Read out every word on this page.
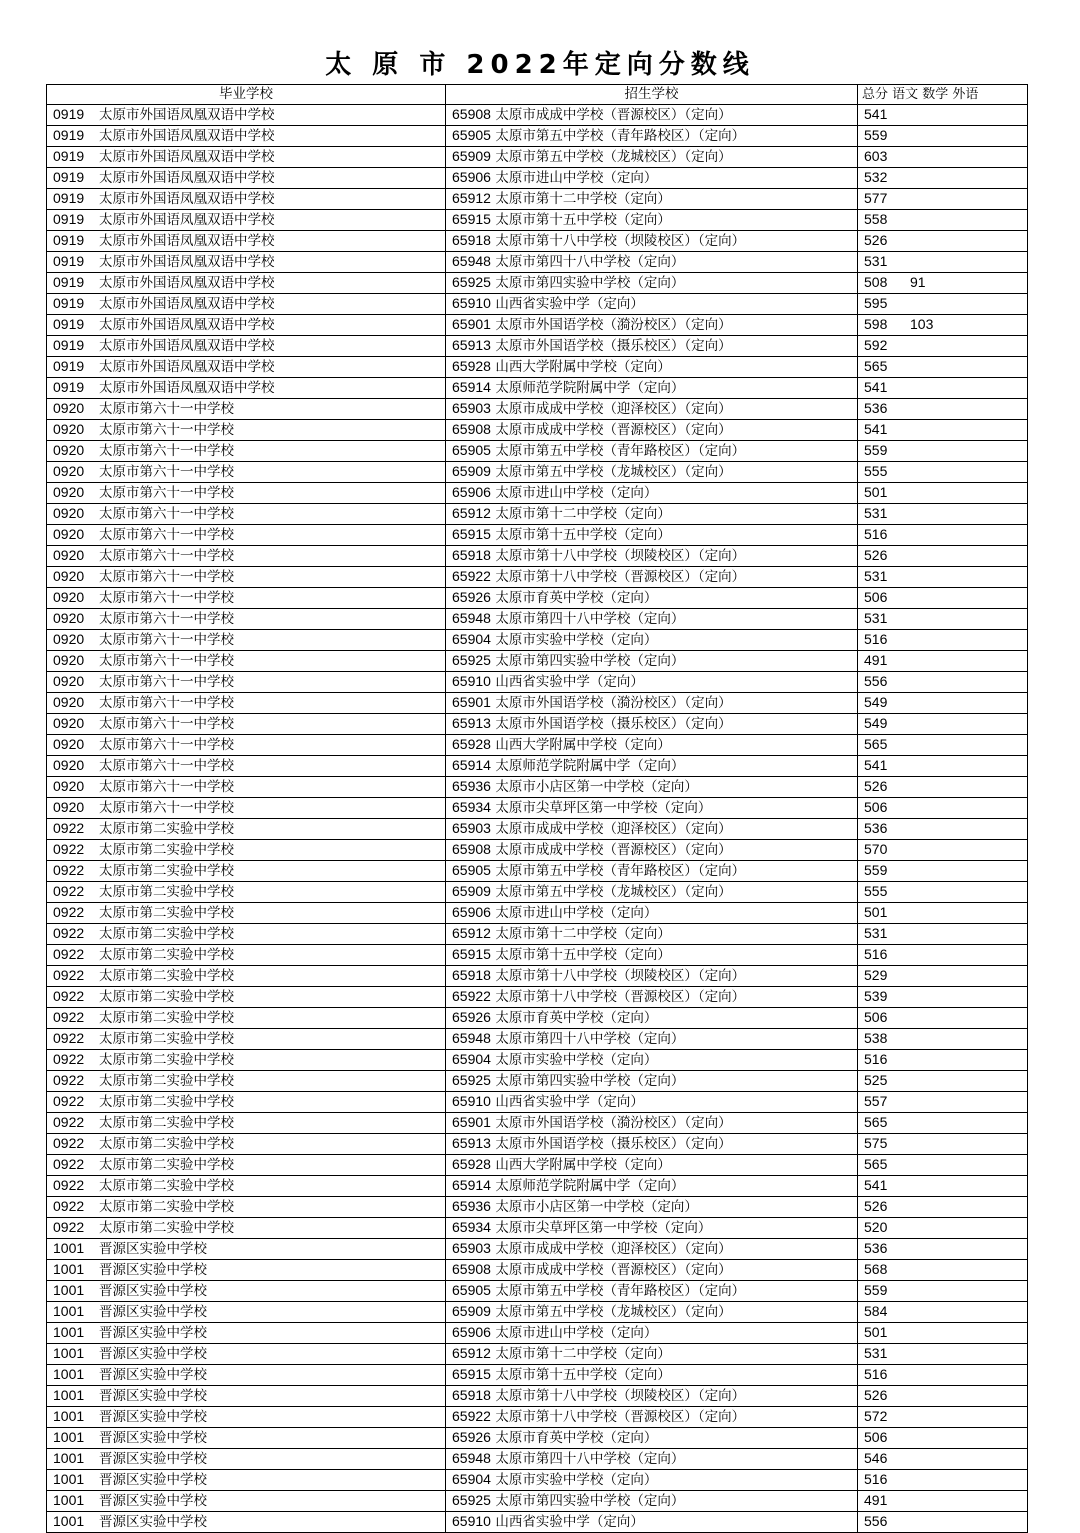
太 原 市 2022年定向分数线
毕业学校	招生学校	总分 语文 数学 外语
0919 太原市外国语凤凰双语中学校	65908 太原市成成中学校（晋源校区）（定向）	541
0919 太原市外国语凤凰双语中学校	65905 太原市第五中学校（青年路校区）（定向）	559
0919 太原市外国语凤凰双语中学校	65909 太原市第五中学校（龙城校区）（定向）	603
0919 太原市外国语凤凰双语中学校	65906 太原市进山中学校（定向）	532
0919 太原市外国语凤凰双语中学校	65912 太原市第十二中学校（定向）	577
0919 太原市外国语凤凰双语中学校	65915 太原市第十五中学校（定向）	558
0919 太原市外国语凤凰双语中学校	65918 太原市第十八中学校（坝陵校区）（定向）	526
0919 太原市外国语凤凰双语中学校	65948 太原市第四十八中学校（定向）	531
0919 太原市外国语凤凰双语中学校	65925 太原市第四实验中学校（定向）	508 91
0919 太原市外国语凤凰双语中学校	65910 山西省实验中学（定向）	595
0919 太原市外国语凤凰双语中学校	65901 太原市外国语学校（漪汾校区）（定向）	598 103
0919 太原市外国语凤凰双语中学校	65913 太原市外国语学校（摄乐校区）（定向）	592
0919 太原市外国语凤凰双语中学校	65928 山西大学附属中学校（定向）	565
0919 太原市外国语凤凰双语中学校	65914 太原师范学院附属中学（定向）	541
0920 太原市第六十一中学校	65903 太原市成成中学校（迎泽校区）（定向）	536
0920 太原市第六十一中学校	65908 太原市成成中学校（晋源校区）（定向）	541
0920 太原市第六十一中学校	65905 太原市第五中学校（青年路校区）（定向）	559
0920 太原市第六十一中学校	65909 太原市第五中学校（龙城校区）（定向）	555
0920 太原市第六十一中学校	65906 太原市进山中学校（定向）	501
0920 太原市第六十一中学校	65912 太原市第十二中学校（定向）	531
0920 太原市第六十一中学校	65915 太原市第十五中学校（定向）	516
0920 太原市第六十一中学校	65918 太原市第十八中学校（坝陵校区）（定向）	526
0920 太原市第六十一中学校	65922 太原市第十八中学校（晋源校区）（定向）	531
0920 太原市第六十一中学校	65926 太原市育英中学校（定向）	506
0920 太原市第六十一中学校	65948 太原市第四十八中学校（定向）	531
0920 太原市第六十一中学校	65904 太原市实验中学校（定向）	516
0920 太原市第六十一中学校	65925 太原市第四实验中学校（定向）	491
0920 太原市第六十一中学校	65910 山西省实验中学（定向）	556
0920 太原市第六十一中学校	65901 太原市外国语学校（漪汾校区）（定向）	549
0920 太原市第六十一中学校	65913 太原市外国语学校（摄乐校区）（定向）	549
0920 太原市第六十一中学校	65928 山西大学附属中学校（定向）	565
0920 太原市第六十一中学校	65914 太原师范学院附属中学（定向）	541
0920 太原市第六十一中学校	65936 太原市小店区第一中学校（定向）	526
0920 太原市第六十一中学校	65934 太原市尖草坪区第一中学校（定向）	506
0922 太原市第二实验中学校	65903 太原市成成中学校（迎泽校区）（定向）	536
0922 太原市第二实验中学校	65908 太原市成成中学校（晋源校区）（定向）	570
0922 太原市第二实验中学校	65905 太原市第五中学校（青年路校区）（定向）	559
0922 太原市第二实验中学校	65909 太原市第五中学校（龙城校区）（定向）	555
0922 太原市第二实验中学校	65906 太原市进山中学校（定向）	501
0922 太原市第二实验中学校	65912 太原市第十二中学校（定向）	531
0922 太原市第二实验中学校	65915 太原市第十五中学校（定向）	516
0922 太原市第二实验中学校	65918 太原市第十八中学校（坝陵校区）（定向）	529
0922 太原市第二实验中学校	65922 太原市第十八中学校（晋源校区）（定向）	539
0922 太原市第二实验中学校	65926 太原市育英中学校（定向）	506
0922 太原市第二实验中学校	65948 太原市第四十八中学校（定向）	538
0922 太原市第二实验中学校	65904 太原市实验中学校（定向）	516
0922 太原市第二实验中学校	65925 太原市第四实验中学校（定向）	525
0922 太原市第二实验中学校	65910 山西省实验中学（定向）	557
0922 太原市第二实验中学校	65901 太原市外国语学校（漪汾校区）（定向）	565
0922 太原市第二实验中学校	65913 太原市外国语学校（摄乐校区）（定向）	575
0922 太原市第二实验中学校	65928 山西大学附属中学校（定向）	565
0922 太原市第二实验中学校	65914 太原师范学院附属中学（定向）	541
0922 太原市第二实验中学校	65936 太原市小店区第一中学校（定向）	526
0922 太原市第二实验中学校	65934 太原市尖草坪区第一中学校（定向）	520
1001 晋源区实验中学校	65903 太原市成成中学校（迎泽校区）（定向）	536
1001 晋源区实验中学校	65908 太原市成成中学校（晋源校区）（定向）	568
1001 晋源区实验中学校	65905 太原市第五中学校（青年路校区）（定向）	559
1001 晋源区实验中学校	65909 太原市第五中学校（龙城校区）（定向）	584
1001 晋源区实验中学校	65906 太原市进山中学校（定向）	501
1001 晋源区实验中学校	65912 太原市第十二中学校（定向）	531
1001 晋源区实验中学校	65915 太原市第十五中学校（定向）	516
1001 晋源区实验中学校	65918 太原市第十八中学校（坝陵校区）（定向）	526
1001 晋源区实验中学校	65922 太原市第十八中学校（晋源校区）（定向）	572
1001 晋源区实验中学校	65926 太原市育英中学校（定向）	506
1001 晋源区实验中学校	65948 太原市第四十八中学校（定向）	546
1001 晋源区实验中学校	65904 太原市实验中学校（定向）	516
1001 晋源区实验中学校	65925 太原市第四实验中学校（定向）	491
1001 晋源区实验中学校	65910 山西省实验中学（定向）	556
